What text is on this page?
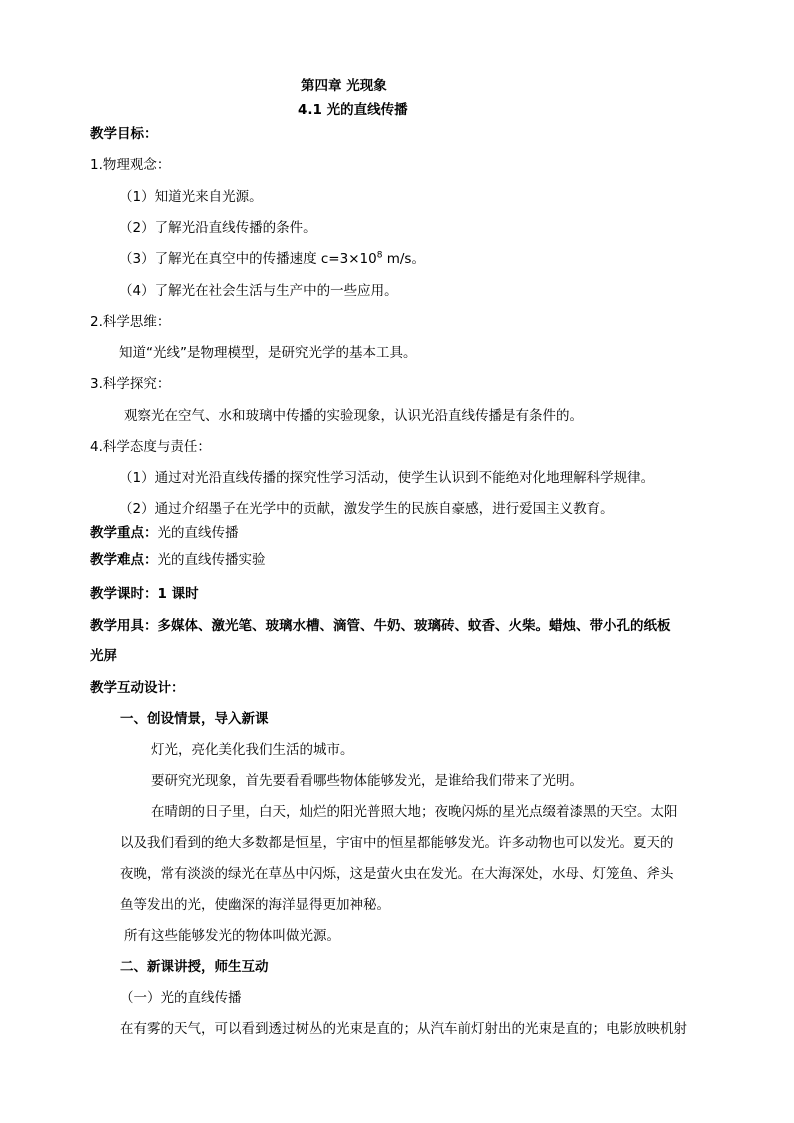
第四章 光现象
4.1 光的直线传播
教学目标：
1.物理观念：
（1）知道光来自光源。
（2）了解光沿直线传播的条件。
（3）了解光在真空中的传播速度 $c=3\times 10^8$ m/s。
（4）了解光在社会生活与生产中的一些应用。
2.科学思维：
知道“光线”是物理模型，是研究光学的基本工具。
3.科学探究：
观察光在空气、水和玻璃中传播的实验现象，认识光沿直线传播是有条件的。
4.科学态度与责任：
（1）通过对光沿直线传播的探究性学习活动，使学生认识到不能绝对化地理解科学规律。
（2）通过介绍墨子在光学中的贡献，激发学生的民族自豪感，进行爱国主义教育。
教学重点：光的直线传播
教学难点：光的直线传播实验
教学课时：1 课时
教学用具：多媒体、激光笔、玻璃水槽、滴管、牛奶、玻璃砖、蚊香、火柴。蜡烛、带小孔的纸板
光屏
教学互动设计：
一、创设情景，导入新课
灯光，亮化美化我们生活的城市。
要研究光现象，首先要看看哪些物体能够发光，是谁给我们带来了光明。
在晴朗的日子里，白天，灿烂的阳光普照大地；夜晚闪烁的星光点缀着漆黑的天空。太阳
以及我们看到的绝大多数都是恒星，宇宙中的恒星都能够发光。许多动物也可以发光。夏天的
夜晚，常有淡淡的绿光在草丛中闪烁，这是萤火虫在发光。在大海深处，水母、灯笼鱼、斧头
鱼等发出的光，使幽深的海洋显得更加神秘。
所有这些能够发光的物体叫做光源。
二、新课讲授，师生互动
（一）光的直线传播
在有雾的天气，可以看到透过树丛的光束是直的；从汽车前灯射出的光束是直的；电影放映机射
